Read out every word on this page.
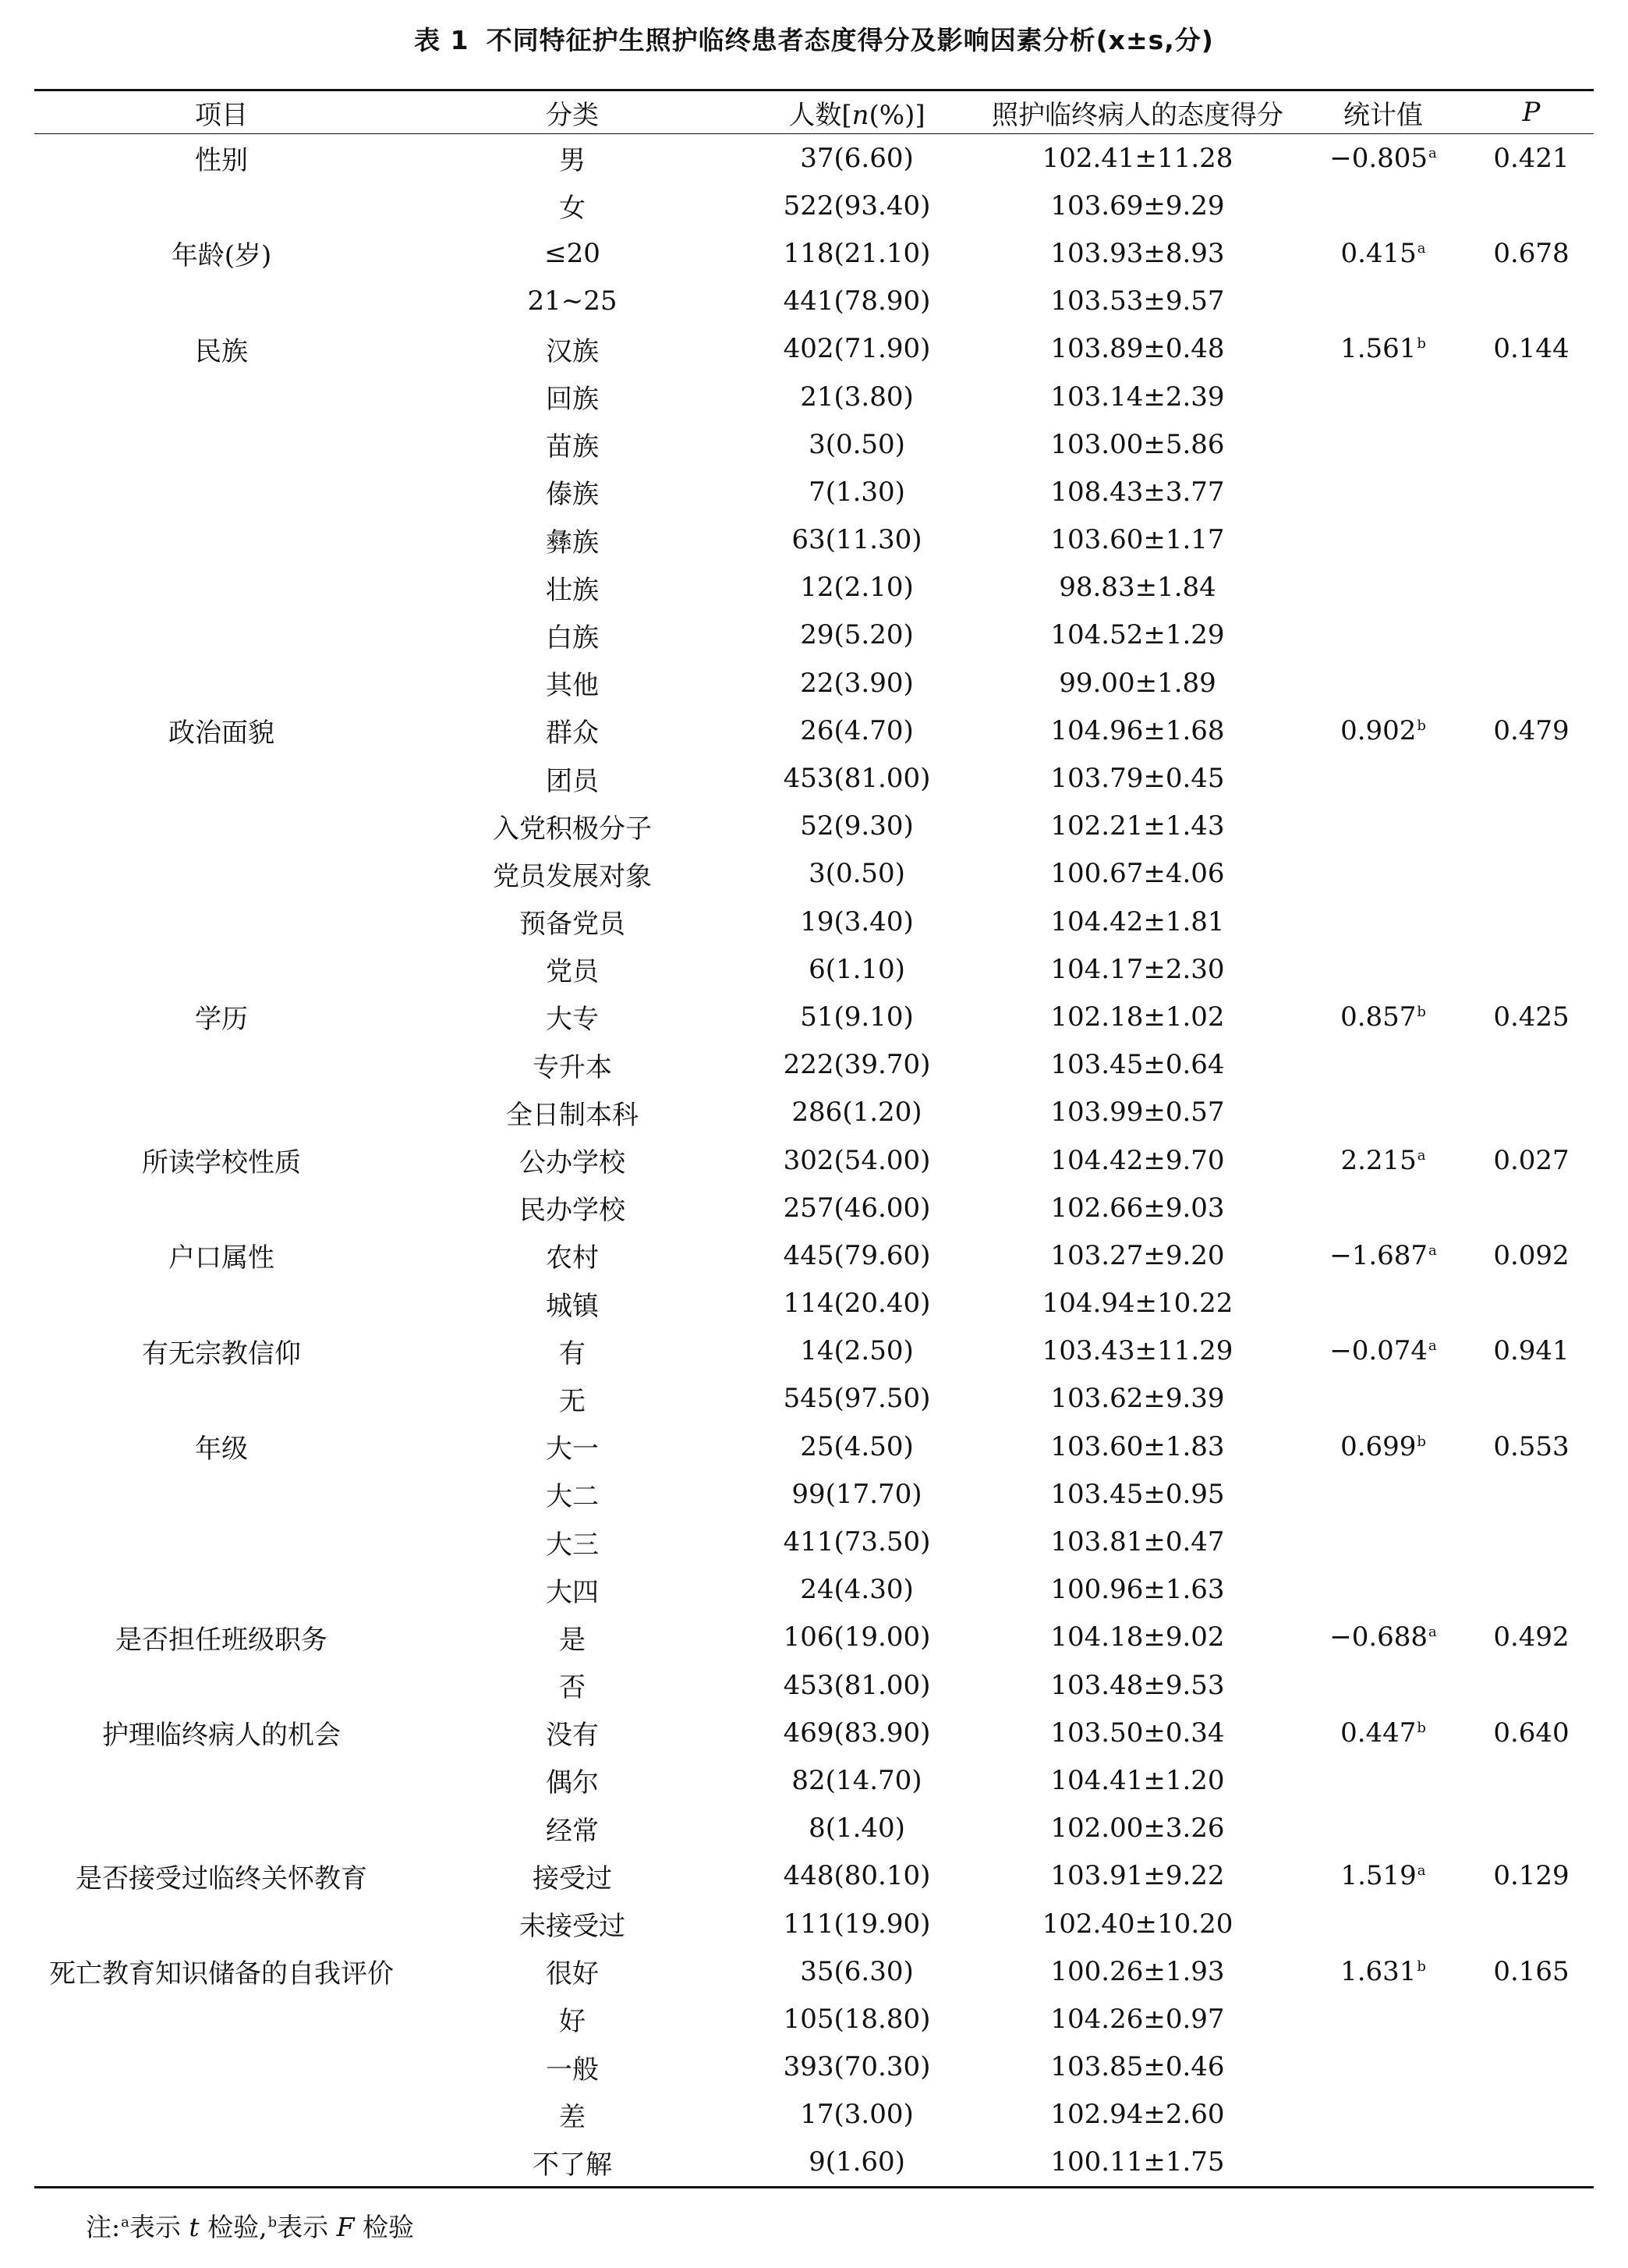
表 1 不同特征护生照护临终患者态度得分及影响因素分析(x±s,分)
项目	分类	人数[n(%)]	照护临终病人的态度得分	统计值	P
性别	男	37(6.60)	102.41±11.28	−0.805$^a$	0.421
	女	522(93.40)	103.69±9.29		
年龄(岁)	≤20	118(21.10)	103.93±8.93	0.415$^a$	0.678
	21~25	441(78.90)	103.53±9.57		
民族	汉族	402(71.90)	103.89±0.48	1.561$^b$	0.144
	回族	21(3.80)	103.14±2.39		
	苗族	3(0.50)	103.00±5.86		
	傣族	7(1.30)	108.43±3.77		
	彝族	63(11.30)	103.60±1.17		
	壮族	12(2.10)	98.83±1.84		
	白族	29(5.20)	104.52±1.29		
	其他	22(3.90)	99.00±1.89		
政治面貌	群众	26(4.70)	104.96±1.68	0.902$^b$	0.479
	团员	453(81.00)	103.79±0.45		
	入党积极分子	52(9.30)	102.21±1.43		
	党员发展对象	3(0.50)	100.67±4.06		
	预备党员	19(3.40)	104.42±1.81		
	党员	6(1.10)	104.17±2.30		
学历	大专	51(9.10)	102.18±1.02	0.857$^b$	0.425
	专升本	222(39.70)	103.45±0.64		
	全日制本科	286(1.20)	103.99±0.57		
所读学校性质	公办学校	302(54.00)	104.42±9.70	2.215$^a$	0.027
	民办学校	257(46.00)	102.66±9.03		
户口属性	农村	445(79.60)	103.27±9.20	−1.687$^a$	0.092
	城镇	114(20.40)	104.94±10.22		
有无宗教信仰	有	14(2.50)	103.43±11.29	−0.074$^a$	0.941
	无	545(97.50)	103.62±9.39		
年级	大一	25(4.50)	103.60±1.83	0.699$^b$	0.553
	大二	99(17.70)	103.45±0.95		
	大三	411(73.50)	103.81±0.47		
	大四	24(4.30)	100.96±1.63		
是否担任班级职务	是	106(19.00)	104.18±9.02	−0.688$^a$	0.492
	否	453(81.00)	103.48±9.53		
护理临终病人的机会	没有	469(83.90)	103.50±0.34	0.447$^b$	0.640
	偶尔	82(14.70)	104.41±1.20		
	经常	8(1.40)	102.00±3.26		
是否接受过临终关怀教育	接受过	448(80.10)	103.91±9.22	1.519$^a$	0.129
	未接受过	111(19.90)	102.40±10.20		
死亡教育知识储备的自我评价	很好	35(6.30)	100.26±1.93	1.631$^b$	0.165
	好	105(18.80)	104.26±0.97		
	一般	393(70.30)	103.85±0.46		
	差	17(3.00)	102.94±2.60		
	不了解	9(1.60)	100.11±1.75		
注:$^a$表示 t 检验,$^b$表示 F 检验
